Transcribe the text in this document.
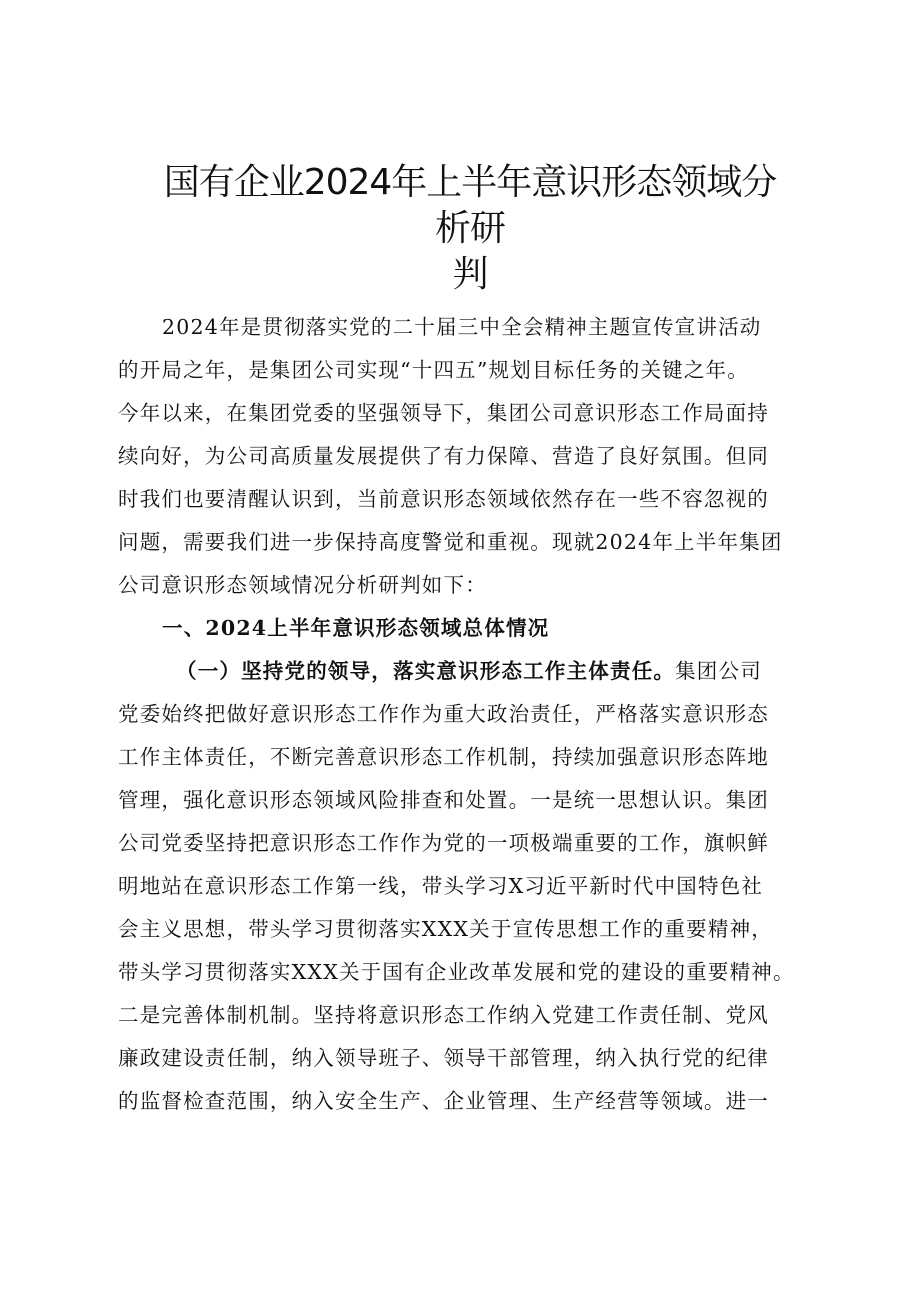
国有企业2024年上半年意识形态领域分析研
判
2024年是贯彻落实党的二十届三中全会精神主题宣传宣讲活动
的开局之年，是集团公司实现“十四五”规划目标任务的关键之年。
今年以来，在集团党委的坚强领导下，集团公司意识形态工作局面持
续向好，为公司高质量发展提供了有力保障、营造了良好氛围。但同
时我们也要清醒认识到，当前意识形态领域依然存在一些不容忽视的
问题，需要我们进一步保持高度警觉和重视。现就2024年上半年集团
公司意识形态领域情况分析研判如下：
一、2024上半年意识形态领域总体情况
（一）坚持党的领导，落实意识形态工作主体责任。集团公司
党委始终把做好意识形态工作作为重大政治责任，严格落实意识形态
工作主体责任，不断完善意识形态工作机制，持续加强意识形态阵地
管理，强化意识形态领域风险排查和处置。一是统一思想认识。集团
公司党委坚持把意识形态工作作为党的一项极端重要的工作，旗帜鲜
明地站在意识形态工作第一线，带头学习X习近平新时代中国特色社
会主义思想，带头学习贯彻落实XXX关于宣传思想工作的重要精神，
带头学习贯彻落实XXX关于国有企业改革发展和党的建设的重要精神。
二是完善体制机制。坚持将意识形态工作纳入党建工作责任制、党风
廉政建设责任制，纳入领导班子、领导干部管理，纳入执行党的纪律
的监督检查范围，纳入安全生产、企业管理、生产经营等领域。进一
